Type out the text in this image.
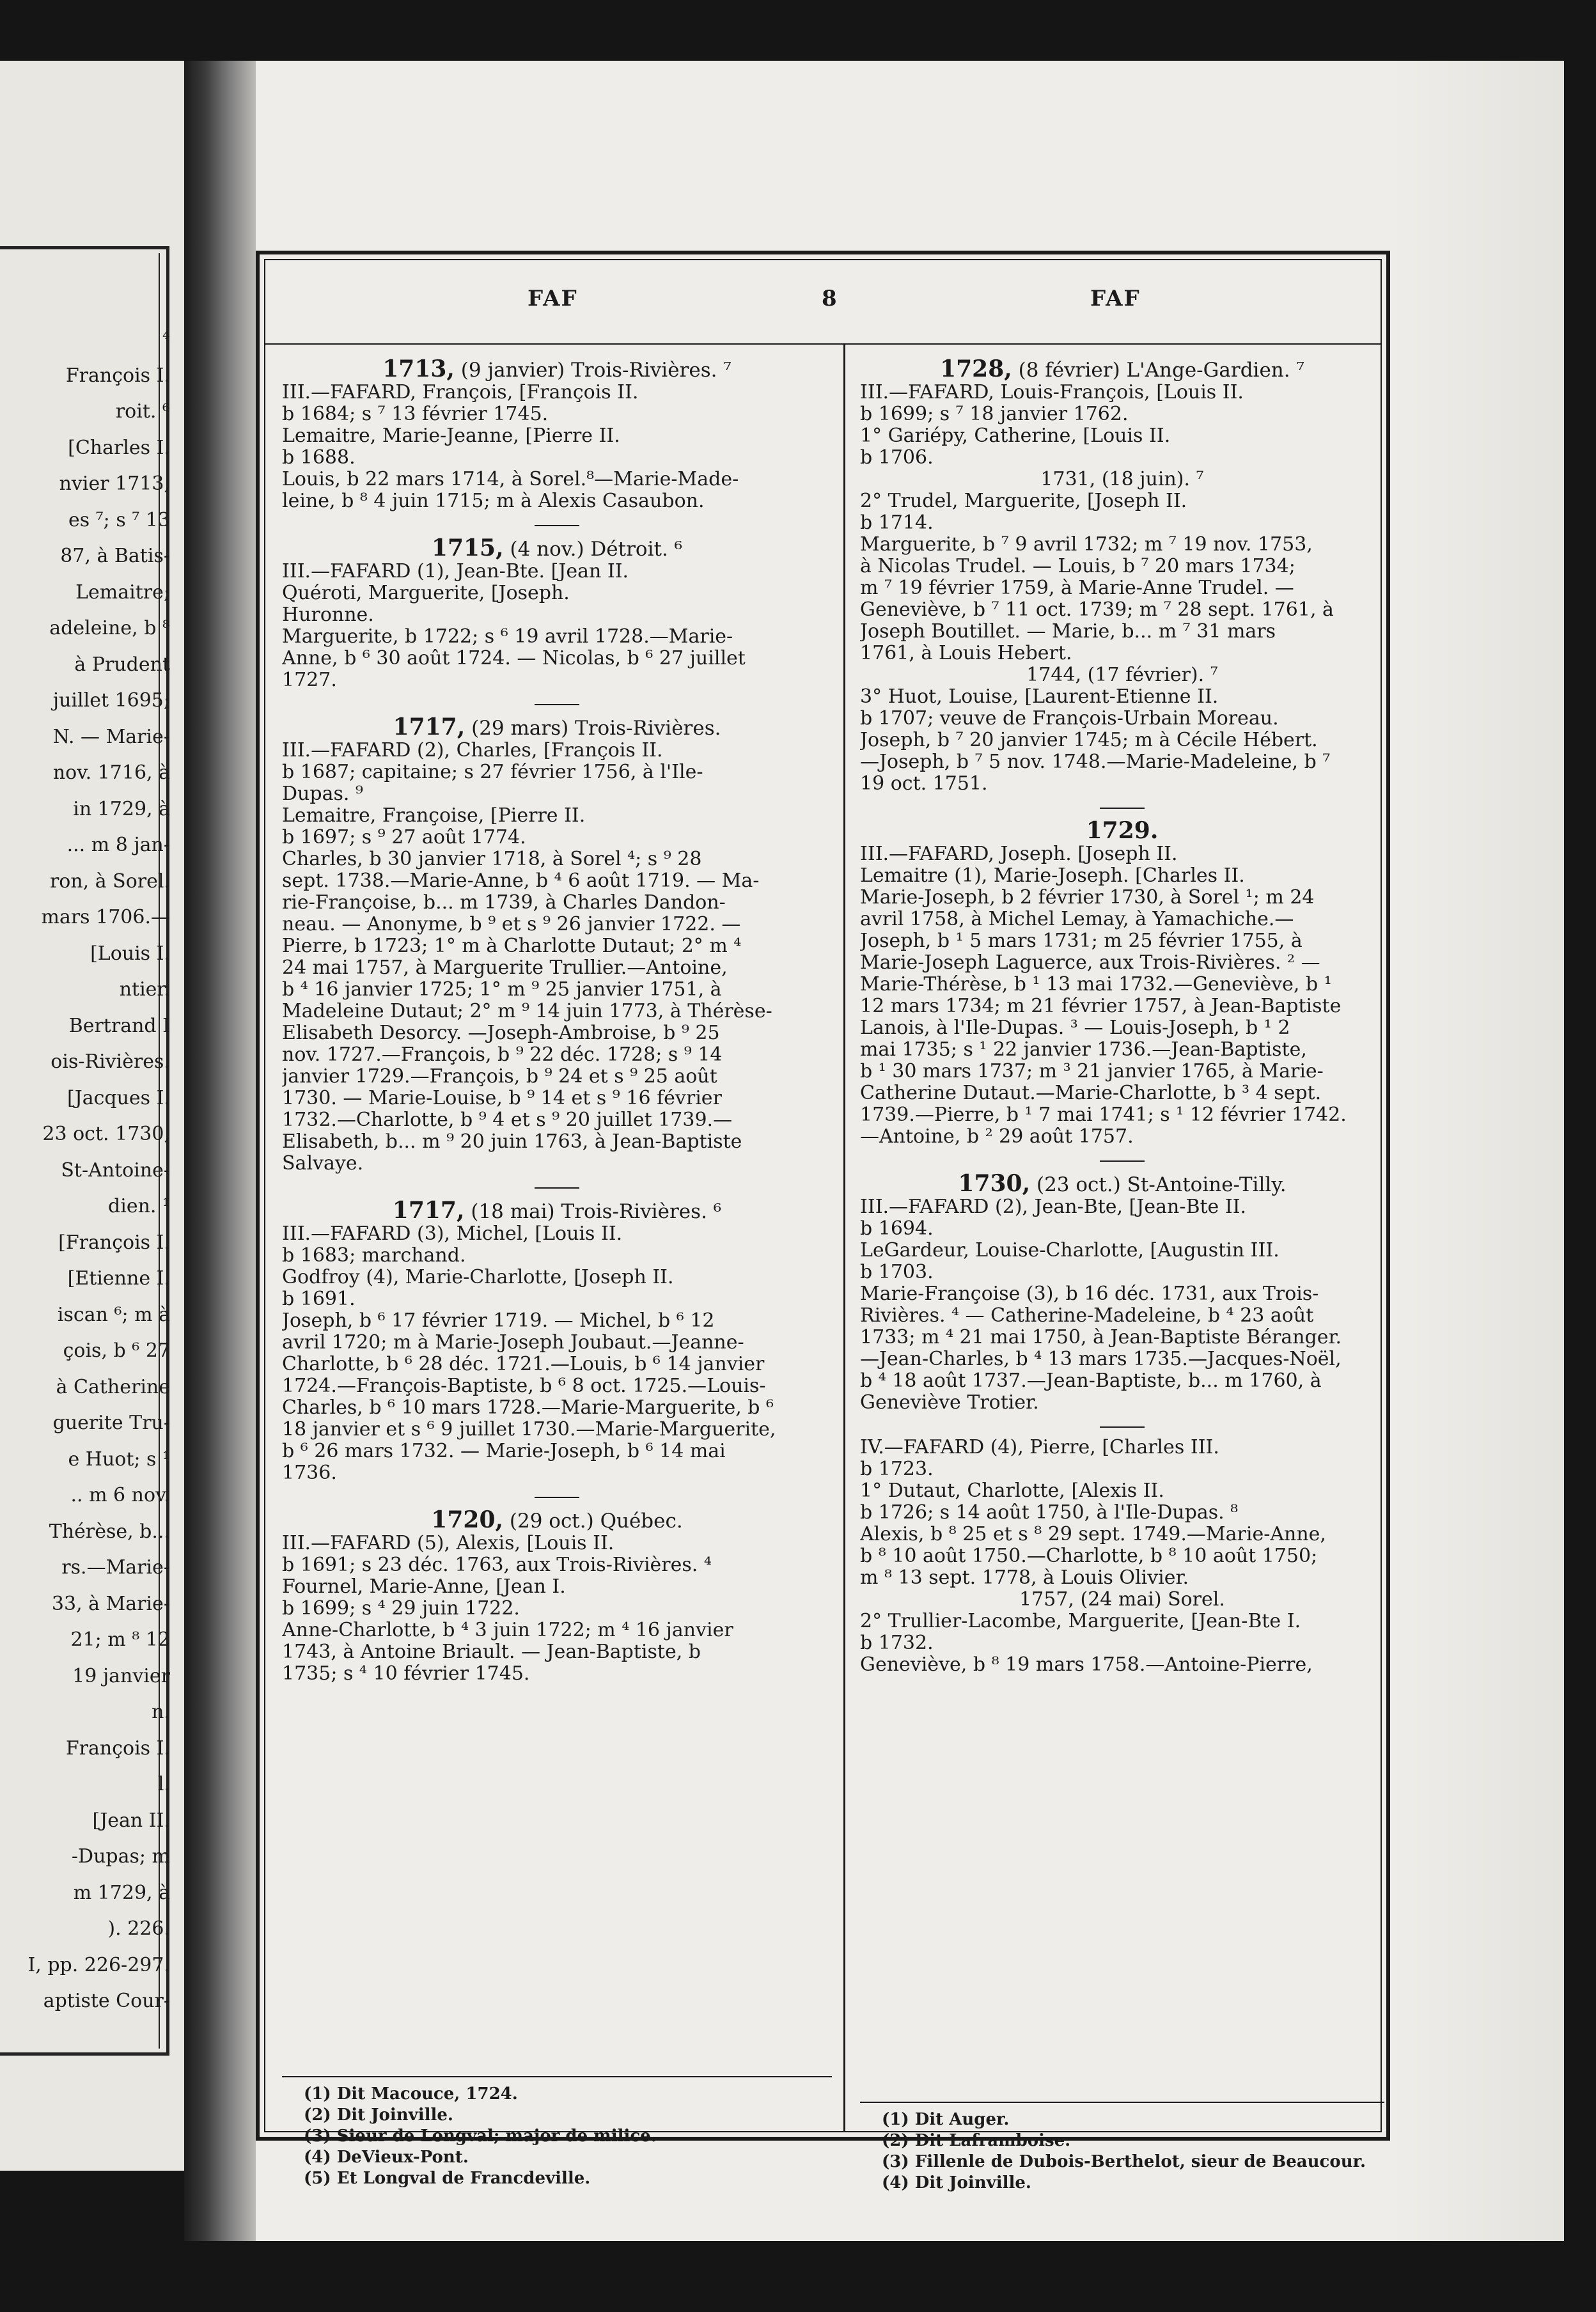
⁴
François I.
roit. ⁶
[Charles I.
nvier 1713,
es ⁷; s ⁷ 13
87, à Batis-
Lemaitre;
adeleine, b ⁸
à Prudent
juillet 1695;
N. — Marie-
nov. 1716, à
in 1729, à
... m 8 jan-
ron, à Sorel.
mars 1706.—
[Louis I.
ntier.
Bertrand I
ois-Rivières.
[Jacques I.
23 oct. 1730,
St-Antoine-
dien. ¹
[François I.
[Etienne I.
iscan ⁶; m à
çois, b ⁶ 27
à Catherine
guerite Tru-
e Huot; s ¹
.. m 6 nov.
Thérèse, b...
rs.—Marie-
33, à Marie-
21; m ⁸ 12
19 janvier
n.
François I.
l.
[Jean II.
-Dupas; m
m 1729, à
). 226.
I, pp. 226-297.
aptiste Cour-
FAF	8	FAF
1713, (9 janvier) Trois-Rivières. ⁷
III.—FAFARD, François, [François II.
b 1684; s ⁷ 13 février 1745.
Lemaitre, Marie-Jeanne, [Pierre II.
b 1688.
Louis, b 22 mars 1714, à Sorel.⁸—Marie-Made-
leine, b ⁸ 4 juin 1715; m à Alexis Casaubon.
1715, (4 nov.) Détroit. ⁶
III.—FAFARD (1), Jean-Bte. [Jean II.
Quéroti, Marguerite, [Joseph.
Huronne.
Marguerite, b 1722; s ⁶ 19 avril 1728.—Marie-
Anne, b ⁶ 30 août 1724. — Nicolas, b ⁶ 27 juillet
1727.
1717, (29 mars) Trois-Rivières.
III.—FAFARD (2), Charles, [François II.
b 1687; capitaine; s 27 février 1756, à l'Ile-
Dupas. ⁹
Lemaitre, Françoise, [Pierre II.
b 1697; s ⁹ 27 août 1774.
Charles, b 30 janvier 1718, à Sorel ⁴; s ⁹ 28
sept. 1738.—Marie-Anne, b ⁴ 6 août 1719. — Ma-
rie-Françoise, b... m 1739, à Charles Dandon-
neau. — Anonyme, b ⁹ et s ⁹ 26 janvier 1722. —
Pierre, b 1723; 1° m à Charlotte Dutaut; 2° m ⁴
24 mai 1757, à Marguerite Trullier.—Antoine,
b ⁴ 16 janvier 1725; 1° m ⁹ 25 janvier 1751, à
Madeleine Dutaut; 2° m ⁹ 14 juin 1773, à Thérèse-
Elisabeth Desorcy. —Joseph-Ambroise, b ⁹ 25
nov. 1727.—François, b ⁹ 22 déc. 1728; s ⁹ 14
janvier 1729.—François, b ⁹ 24 et s ⁹ 25 août
1730. — Marie-Louise, b ⁹ 14 et s ⁹ 16 février
1732.—Charlotte, b ⁹ 4 et s ⁹ 20 juillet 1739.—
Elisabeth, b... m ⁹ 20 juin 1763, à Jean-Baptiste
Salvaye.
1717, (18 mai) Trois-Rivières. ⁶
III.—FAFARD (3), Michel, [Louis II.
b 1683; marchand.
Godfroy (4), Marie-Charlotte, [Joseph II.
b 1691.
Joseph, b ⁶ 17 février 1719. — Michel, b ⁶ 12
avril 1720; m à Marie-Joseph Joubaut.—Jeanne-
Charlotte, b ⁶ 28 déc. 1721.—Louis, b ⁶ 14 janvier
1724.—François-Baptiste, b ⁶ 8 oct. 1725.—Louis-
Charles, b ⁶ 10 mars 1728.—Marie-Marguerite, b ⁶
18 janvier et s ⁶ 9 juillet 1730.—Marie-Marguerite,
b ⁶ 26 mars 1732. — Marie-Joseph, b ⁶ 14 mai
1736.
1720, (29 oct.) Québec.
III.—FAFARD (5), Alexis, [Louis II.
b 1691; s 23 déc. 1763, aux Trois-Rivières. ⁴
Fournel, Marie-Anne, [Jean I.
b 1699; s ⁴ 29 juin 1722.
Anne-Charlotte, b ⁴ 3 juin 1722; m ⁴ 16 janvier
1743, à Antoine Briault. — Jean-Baptiste, b
1735; s ⁴ 10 février 1745.
(1) Dit Macouce, 1724.
(2) Dit Joinville.
(3) Sieur de Longval; major de milice.
(4) DeVieux-Pont.
(5) Et Longval de Francdeville.
1728, (8 février) L'Ange-Gardien. ⁷
III.—FAFARD, Louis-François, [Louis II.
b 1699; s ⁷ 18 janvier 1762.
1° Gariépy, Catherine, [Louis II.
b 1706.
1731, (18 juin). ⁷
2° Trudel, Marguerite, [Joseph II.
b 1714.
Marguerite, b ⁷ 9 avril 1732; m ⁷ 19 nov. 1753,
à Nicolas Trudel. — Louis, b ⁷ 20 mars 1734;
m ⁷ 19 février 1759, à Marie-Anne Trudel. —
Geneviève, b ⁷ 11 oct. 1739; m ⁷ 28 sept. 1761, à
Joseph Boutillet. — Marie, b... m ⁷ 31 mars
1761, à Louis Hebert.
1744, (17 février). ⁷
3° Huot, Louise, [Laurent-Etienne II.
b 1707; veuve de François-Urbain Moreau.
Joseph, b ⁷ 20 janvier 1745; m à Cécile Hébert.
—Joseph, b ⁷ 5 nov. 1748.—Marie-Madeleine, b ⁷
19 oct. 1751.
1729.
III.—FAFARD, Joseph. [Joseph II.
Lemaitre (1), Marie-Joseph. [Charles II.
Marie-Joseph, b 2 février 1730, à Sorel ¹; m 24
avril 1758, à Michel Lemay, à Yamachiche.—
Joseph, b ¹ 5 mars 1731; m 25 février 1755, à
Marie-Joseph Laguerce, aux Trois-Rivières. ² —
Marie-Thérèse, b ¹ 13 mai 1732.—Geneviève, b ¹
12 mars 1734; m 21 février 1757, à Jean-Baptiste
Lanois, à l'Ile-Dupas. ³ — Louis-Joseph, b ¹ 2
mai 1735; s ¹ 22 janvier 1736.—Jean-Baptiste,
b ¹ 30 mars 1737; m ³ 21 janvier 1765, à Marie-
Catherine Dutaut.—Marie-Charlotte, b ³ 4 sept.
1739.—Pierre, b ¹ 7 mai 1741; s ¹ 12 février 1742.
—Antoine, b ² 29 août 1757.
1730, (23 oct.) St-Antoine-Tilly.
III.—FAFARD (2), Jean-Bte, [Jean-Bte II.
b 1694.
LeGardeur, Louise-Charlotte, [Augustin III.
b 1703.
Marie-Françoise (3), b 16 déc. 1731, aux Trois-
Rivières. ⁴ — Catherine-Madeleine, b ⁴ 23 août
1733; m ⁴ 21 mai 1750, à Jean-Baptiste Béranger.
—Jean-Charles, b ⁴ 13 mars 1735.—Jacques-Noël,
b ⁴ 18 août 1737.—Jean-Baptiste, b... m 1760, à
Geneviève Trotier.
IV.—FAFARD (4), Pierre, [Charles III.
b 1723.
1° Dutaut, Charlotte, [Alexis II.
b 1726; s 14 août 1750, à l'Ile-Dupas. ⁸
Alexis, b ⁸ 25 et s ⁸ 29 sept. 1749.—Marie-Anne,
b ⁸ 10 août 1750.—Charlotte, b ⁸ 10 août 1750;
m ⁸ 13 sept. 1778, à Louis Olivier.
1757, (24 mai) Sorel.
2° Trullier-Lacombe, Marguerite, [Jean-Bte I.
b 1732.
Geneviève, b ⁸ 19 mars 1758.—Antoine-Pierre,
(1) Dit Auger.
(2) Dit Laframboise.
(3) Fillenle de Dubois-Berthelot, sieur de Beaucour.
(4) Dit Joinville.
